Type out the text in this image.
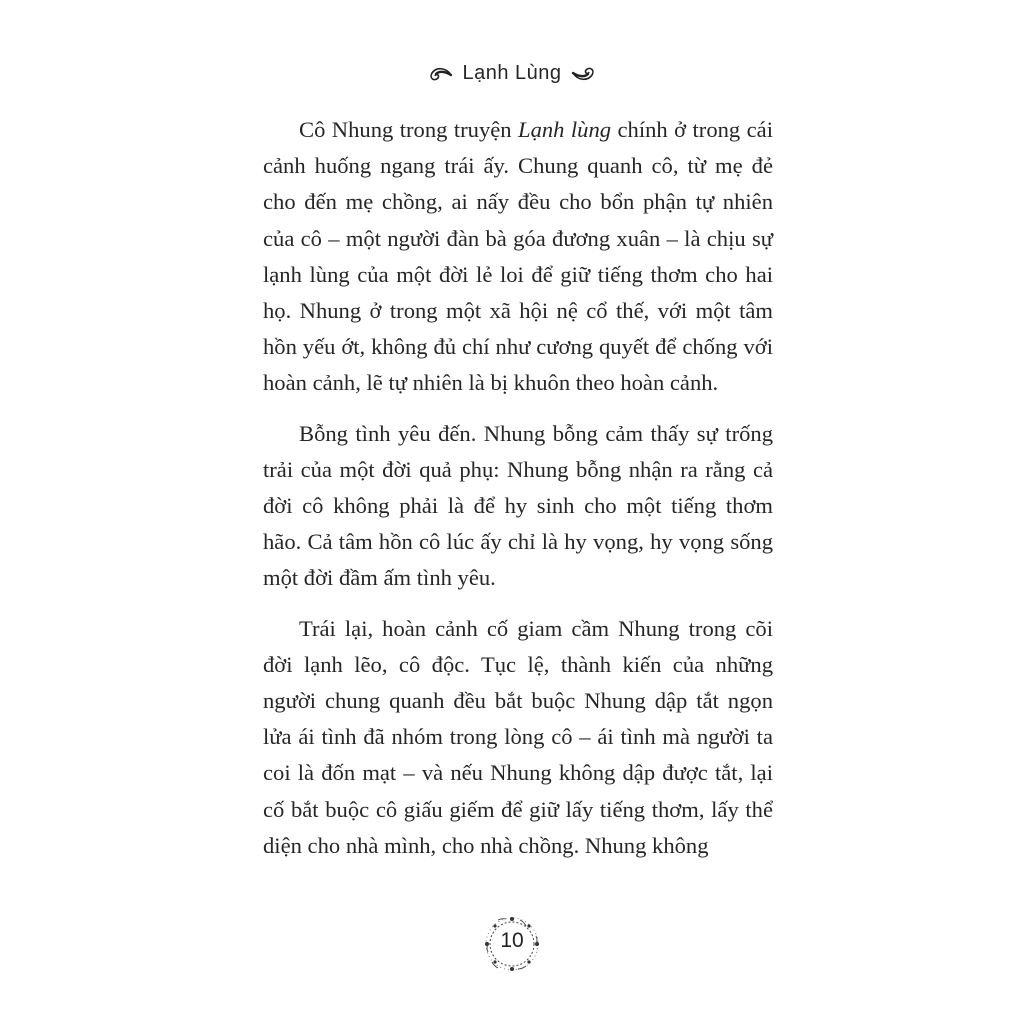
Lạnh Lùng

Cô Nhung trong truyện Lạnh lùng chính ở trong cái cảnh huống ngang trái ấy. Chung quanh cô, từ mẹ đẻ cho đến mẹ chồng, ai nấy đều cho bổn phận tự nhiên của cô – một người đàn bà góa đương xuân – là chịu sự lạnh lùng của một đời lẻ loi để giữ tiếng thơm cho hai họ. Nhung ở trong một xã hội nệ cổ thế, với một tâm hồn yếu ớt, không đủ chí như cương quyết để chống với hoàn cảnh, lẽ tự nhiên là bị khuôn theo hoàn cảnh.

Bỗng tình yêu đến. Nhung bỗng cảm thấy sự trống trải của một đời quả phụ: Nhung bỗng nhận ra rằng cả đời cô không phải là để hy sinh cho một tiếng thơm hão. Cả tâm hồn cô lúc ấy chỉ là hy vọng, hy vọng sống một đời đầm ấm tình yêu.

Trái lại, hoàn cảnh cố giam cầm Nhung trong cõi đời lạnh lẽo, cô độc. Tục lệ, thành kiến của những người chung quanh đều bắt buộc Nhung dập tắt ngọn lửa ái tình đã nhóm trong lòng cô – ái tình mà người ta coi là đốn mạt – và nếu Nhung không dập được tắt, lại cố bắt buộc cô giấu giếm để giữ lấy tiếng thơm, lấy thể diện cho nhà mình, cho nhà chồng. Nhung không

10
